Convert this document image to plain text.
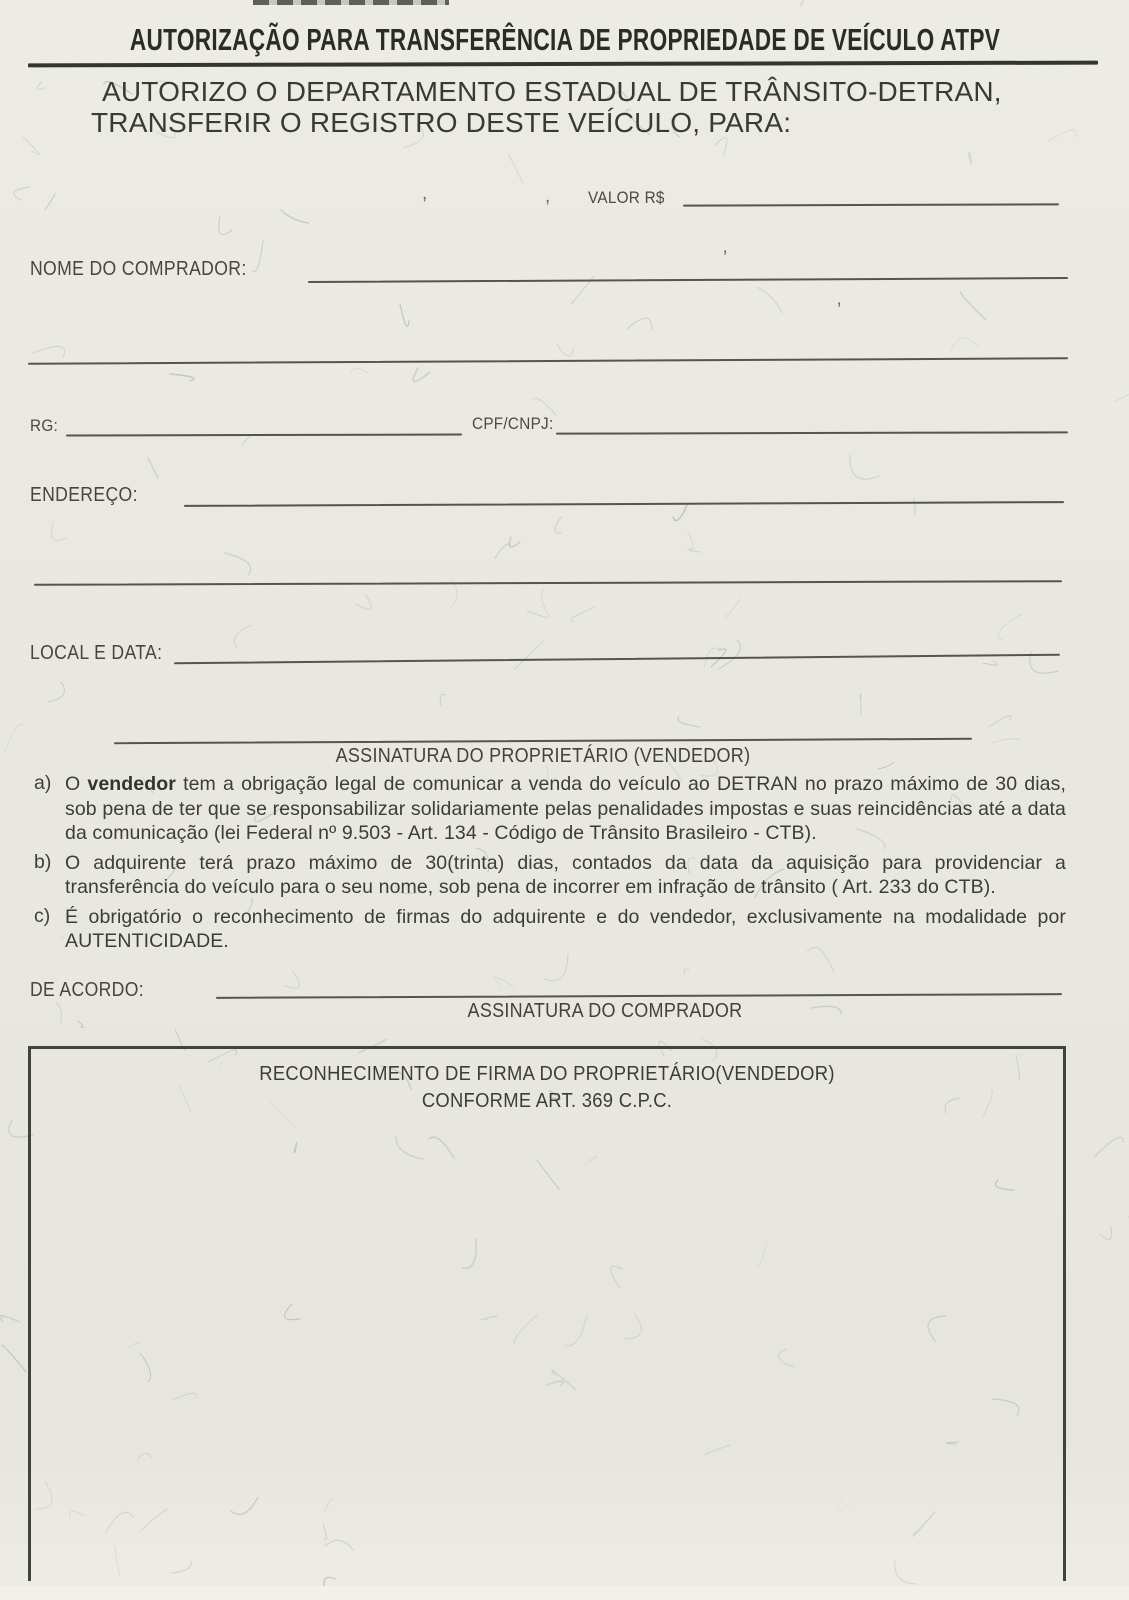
AUTORIZAÇÃO PARA TRANSFERÊNCIA DE PROPRIEDADE DE VEÍCULO ATPV
AUTORIZO O DEPARTAMENTO ESTADUAL DE TRÂNSITO-DETRAN,
TRANSFERIR O REGISTRO DESTE VEÍCULO, PARA:
VALOR R$
NOME DO COMPRADOR:
RG:	CPF/CNPJ:
ENDEREÇO:
LOCAL E DATA:
ASSINATURA DO PROPRIETÁRIO (VENDEDOR)
a) O vendedor tem a obrigação legal de comunicar a venda do veículo ao DETRAN no prazo máximo de 30 dias, sob pena de ter que se responsabilizar solidariamente pelas penalidades impostas e suas reincidências até a data da comunicação (lei Federal nº 9.503 - Art. 134 - Código de Trânsito Brasileiro - CTB).
b) O adquirente terá prazo máximo de 30(trinta) dias, contados da data da aquisição para providenciar a transferência do veículo para o seu nome, sob pena de incorrer em infração de trânsito ( Art. 233 do CTB).
c) É obrigatório o reconhecimento de firmas do adquirente e do vendedor, exclusivamente na modalidade por AUTENTICIDADE.
DE ACORDO:
ASSINATURA DO COMPRADOR
RECONHECIMENTO DE FIRMA DO PROPRIETÁRIO(VENDEDOR)
CONFORME ART. 369 C.P.C.
,	,
’
’
